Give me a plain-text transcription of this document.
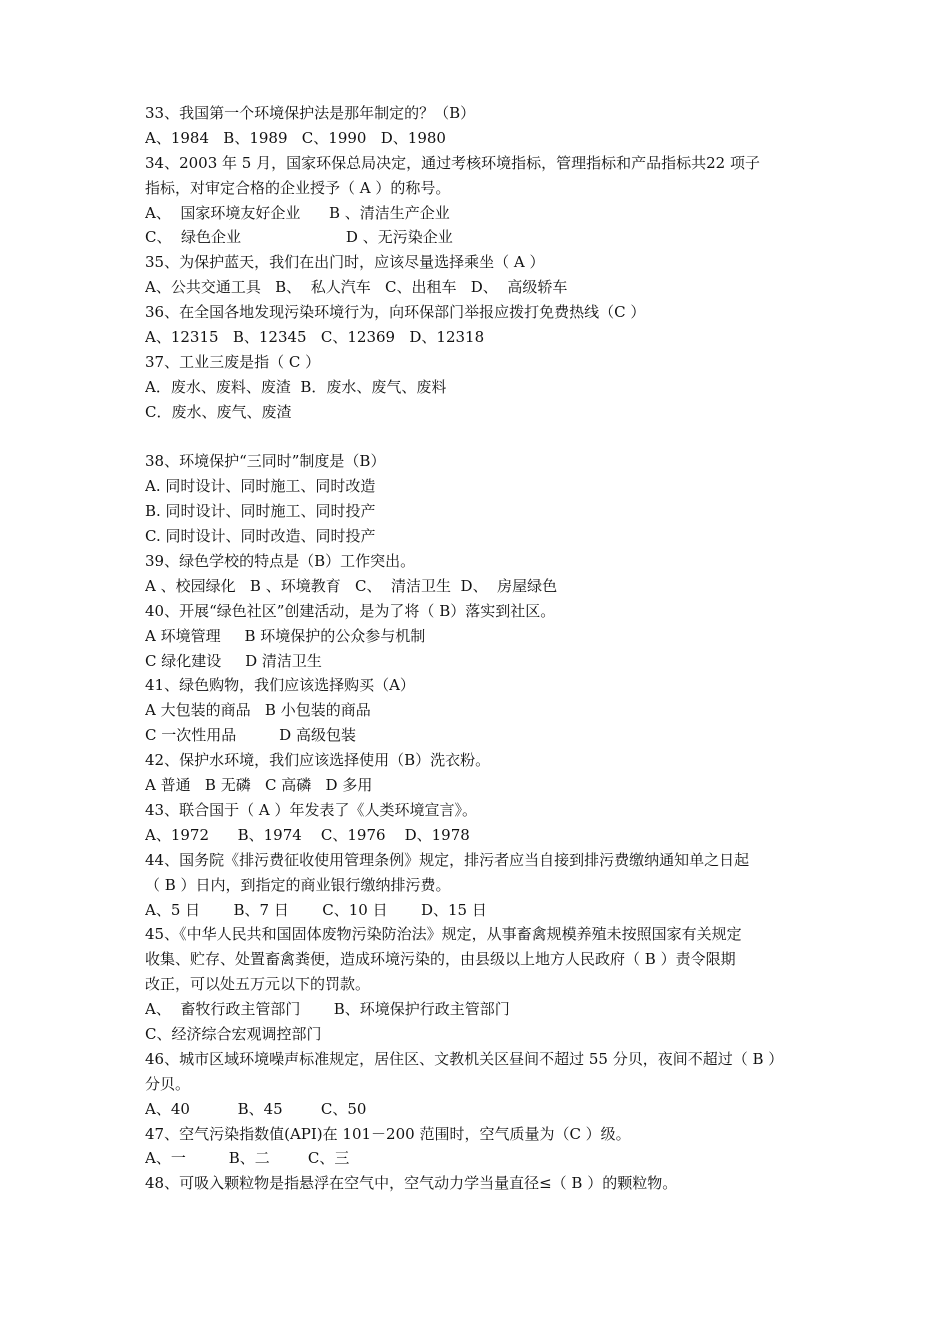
33、我国第一个环境保护法是那年制定的？（B）
A、1984   B、1989   C、1990   D、1980
34、2003 年 5 月，国家环保总局决定，通过考核环境指标，管理指标和产品指标共22 项子
指标，对审定合格的企业授予（ A ）的称号。
A、  国家环境友好企业      B 、清洁生产企业
C、  绿色企业                      D 、无污染企业
35、为保护蓝天，我们在出门时，应该尽量选择乘坐（ A ）
A、公共交通工具   B、  私人汽车   C、出租车   D、  高级轿车
36、在全国各地发现污染环境行为，向环保部门举报应拨打免费热线（C ）
A、12315   B、12345   C、12369   D、12318
37、工业三废是指（ C ）
A．废水、废料、废渣  B．废水、废气、废料
C．废水、废气、废渣
38、环境保护“三同时”制度是（B）
A. 同时设计、同时施工、同时改造
B. 同时设计、同时施工、同时投产
C. 同时设计、同时改造、同时投产
39、绿色学校的特点是（B）工作突出。
A 、校园绿化   B 、环境教育   C、  清洁卫生  D、  房屋绿色
40、开展“绿色社区”创建活动，是为了将（ B）落实到社区。
A 环境管理     B 环境保护的公众参与机制
C 绿化建设     D 清洁卫生
41、绿色购物，我们应该选择购买（A）
A 大包装的商品   B 小包装的商品
C 一次性用品         D 高级包装
42、保护水环境，我们应该选择使用（B）洗衣粉。
A 普通   B 无磷   C 高磷   D 多用
43、联合国于（ A ）年发表了《人类环境宣言》。
A、1972      B、1974    C、1976    D、1978
44、国务院《排污费征收使用管理条例》规定，排污者应当自接到排污费缴纳通知单之日起
（ B ）日内，到指定的商业银行缴纳排污费。
A、5 日       B、7 日       C、10 日       D、15 日
45、《中华人民共和国固体废物污染防治法》规定，从事畜禽规模养殖未按照国家有关规定
收集、贮存、处置畜禽粪便，造成环境污染的，由县级以上地方人民政府（ B ）责令限期
改正，可以处五万元以下的罚款。
A、  畜牧行政主管部门       B、环境保护行政主管部门
C、经济综合宏观调控部门
46、城市区域环境噪声标准规定，居住区、文教机关区昼间不超过 55 分贝，夜间不超过（ B ）
分贝。
A、40          B、45        C、50
47、空气污染指数值(API)在 101－200 范围时，空气质量为（C ）级。
A、一         B、二        C、三
48、可吸入颗粒物是指悬浮在空气中，空气动力学当量直径≤（ B ）的颗粒物。
